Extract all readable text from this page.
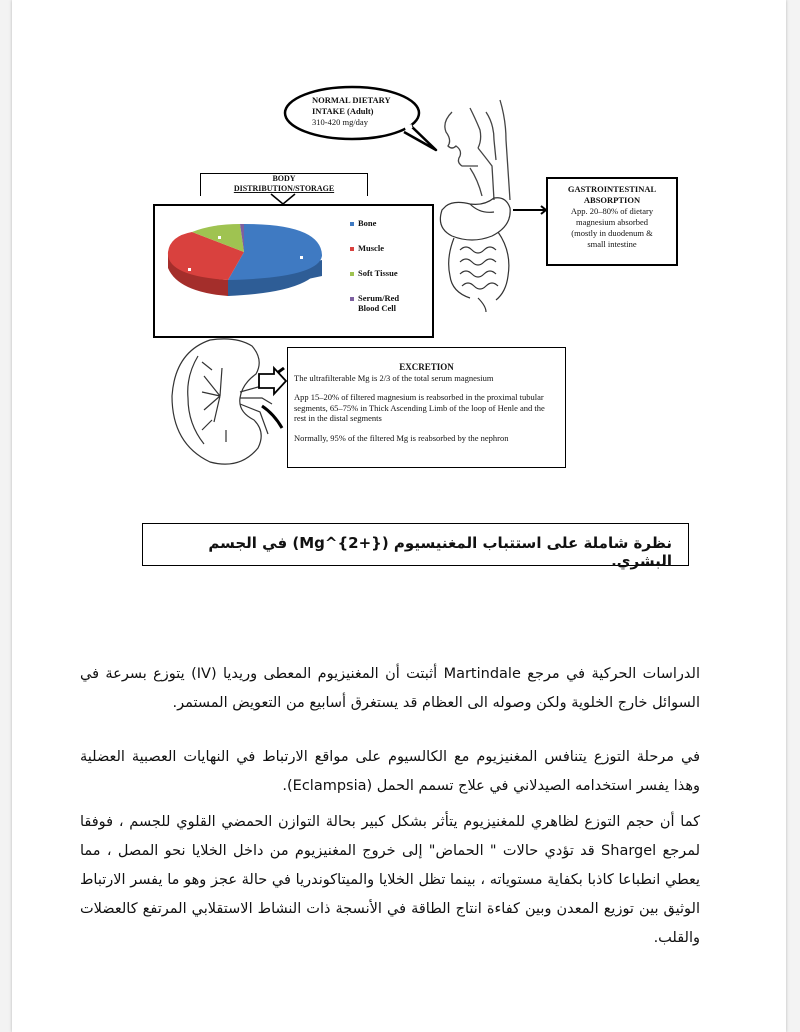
NORMAL DIETARY
INTAKE (Adult)
310-420 mg/day
BODY
DISTRIBUTION/STORAGE
Bone
Muscle
Soft Tissue
Serum/Red
Blood Cell
GASTROINTESTINAL
ABSORPTION
App. 20–80% of dietary
magnesium absorbed
(mostly in duodenum &
small intestine
EXCRETION

The ultrafilterable Mg is 2/3 of the total serum magnesium

App 15–20% of filtered magnesium is reabsorbed in the proximal tubular segments, 65–75% in Thick Ascending Limb of the loop of Henle and the rest in the distal segments

Normally, 95% of the filtered Mg is reabsorbed by the nephron

نظرة شاملة على استتباب المغنيسيوم (Mg^{2+}) في الجسم البشري.

الدراسات الحركية في مرجع Martindale أثبتت أن المغنيزيوم المعطى وريديا (IV) يتوزع بسرعة في السوائل خارج الخلوية ولكن وصوله الى العظام قد يستغرق أسابيع من التعويض المستمر.

في مرحلة التوزع يتنافس المغنيزيوم مع الكالسيوم على مواقع الارتباط في النهايات العصبية العضلية وهذا يفسر استخدامه الصيدلاني في علاج تسمم الحمل (Eclampsia).

كما أن حجم التوزع لظاهري للمغنيزيوم يتأثر بشكل كبير بحالة التوازن الحمضي القلوي للجسم ، فوفقا لمرجع Shargel قد تؤدي حالات " الحماض" إلى خروج المغنيزيوم من داخل الخلايا نحو المصل ، مما يعطي انطباعا كاذبا بكفاية مستوياته ، بينما تظل الخلايا والميتاكوندريا في حالة عجز وهو ما يفسر الارتباط الوثيق بين توزيع المعدن وبين كفاءة انتاج الطاقة في الأنسجة ذات النشاط الاستقلابي المرتفع كالعضلات والقلب.
